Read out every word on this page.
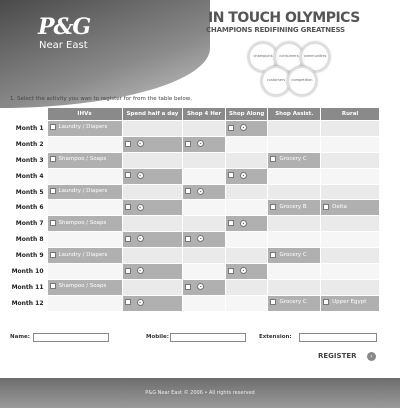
P&G
Near East
IN TOUCH OLYMPICS
CHAMPIONS REDIFINING GREATNESS
champions	consumers	communities
customers	competition
1. Select the activity you wan to register for from the table below,
	IHVs	Spend half a day	Shop 4 Her	Shop Along	Shop Assist.	Rural
Month 1	Laundry / Diapers			•		

Month 2		•	•			

Month 3	Shampoo / Soaps				Grocery C	

Month 4		•		•		

Month 5	Laundry / Diapers		•			

Month 6		•			Grocery B	Delta

Month 7	Shampoo / Soaps			•		

Month 8		•	•			

Month 9	Laundry / Diapers				Grocery C	

Month 10		•		•		

Month 11	Shampoo / Soaps		•			

Month 12		•			Grocery C	Upper Egypt
Name:	Mobile:	Extension:
REGISTER	›
P&G Near East © 2006 • All rights reserved
